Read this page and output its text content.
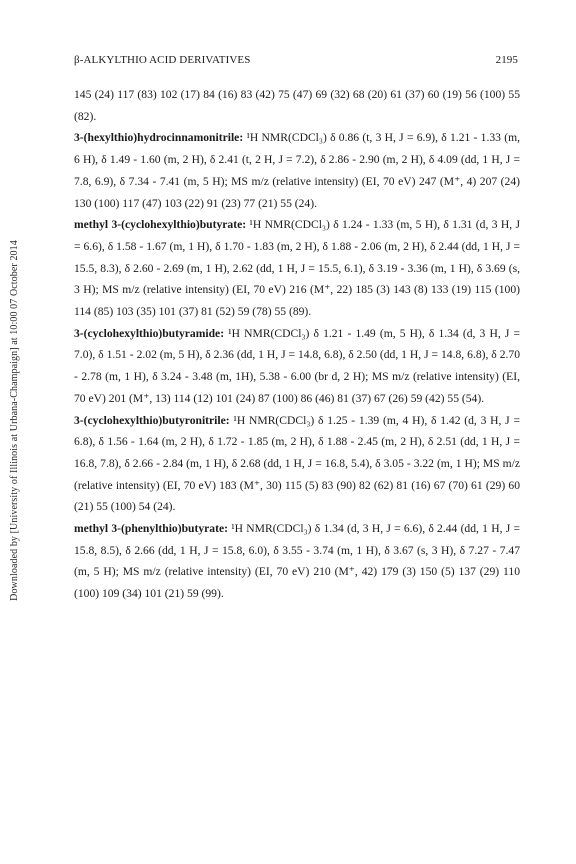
β-ALKYLTHIO ACID DERIVATIVES	2195
Downloaded by [University of Illinois at Urbana-Champaign] at 10:00 07 October 2014

145 (24) 117 (83) 102 (17) 84 (16) 83 (42) 75 (47) 69 (32) 68 (20) 61 (37) 60 (19) 56 (100) 55 (82).

3-(hexylthio)hydrocinnamonitrile: ¹H NMR(CDCl₃) δ 0.86 (t, 3 H, J = 6.9), δ 1.21 - 1.33 (m, 6 H), δ 1.49 - 1.60 (m, 2 H), δ 2.41 (t, 2 H, J = 7.2), δ 2.86 - 2.90 (m, 2 H), δ 4.09 (dd, 1 H, J = 7.8, 6.9), δ 7.34 - 7.41 (m, 5 H); MS m/z (relative intensity) (EI, 70 eV) 247 (M⁺, 4) 207 (24) 130 (100) 117 (47) 103 (22) 91 (23) 77 (21) 55 (24).

methyl 3-(cyclohexylthio)butyrate: ¹H NMR(CDCl₃) δ 1.24 - 1.33 (m, 5 H), δ 1.31 (d, 3 H, J = 6.6), δ 1.58 - 1.67 (m, 1 H), δ 1.70 - 1.83 (m, 2 H), δ 1.88 - 2.06 (m, 2 H), δ 2.44 (dd, 1 H, J = 15.5, 8.3), δ 2.60 - 2.69 (m, 1 H), 2.62 (dd, 1 H, J = 15.5, 6.1), δ 3.19 - 3.36 (m, 1 H), δ 3.69 (s, 3 H); MS m/z (relative intensity) (EI, 70 eV) 216 (M⁺, 22) 185 (3) 143 (8) 133 (19) 115 (100) 114 (85) 103 (35) 101 (37) 81 (52) 59 (78) 55 (89).

3-(cyclohexylthio)butyramide: ¹H NMR(CDCl₃) δ 1.21 - 1.49 (m, 5 H), δ 1.34 (d, 3 H, J = 7.0), δ 1.51 - 2.02 (m, 5 H), δ 2.36 (dd, 1 H, J = 14.8, 6.8), δ 2.50 (dd, 1 H, J = 14.8, 6.8), δ 2.70 - 2.78 (m, 1 H), δ 3.24 - 3.48 (m, 1H), 5.38 - 6.00 (br d, 2 H); MS m/z (relative intensity) (EI, 70 eV) 201 (M⁺, 13) 114 (12) 101 (24) 87 (100) 86 (46) 81 (37) 67 (26) 59 (42) 55 (54).

3-(cyclohexylthio)butyronitrile: ¹H NMR(CDCl₃) δ 1.25 - 1.39 (m, 4 H), δ 1.42 (d, 3 H, J = 6.8), δ 1.56 - 1.64 (m, 2 H), δ 1.72 - 1.85 (m, 2 H), δ 1.88 - 2.45 (m, 2 H), δ 2.51 (dd, 1 H, J = 16.8, 7.8), δ 2.66 - 2.84 (m, 1 H), δ 2.68 (dd, 1 H, J = 16.8, 5.4), δ 3.05 - 3.22 (m, 1 H); MS m/z (relative intensity) (EI, 70 eV) 183 (M⁺, 30) 115 (5) 83 (90) 82 (62) 81 (16) 67 (70) 61 (29) 60 (21) 55 (100) 54 (24).

methyl 3-(phenylthio)butyrate: ¹H NMR(CDCl₃) δ 1.34 (d, 3 H, J = 6.6), δ 2.44 (dd, 1 H, J = 15.8, 8.5), δ 2.66 (dd, 1 H, J = 15.8, 6.0), δ 3.55 - 3.74 (m, 1 H), δ 3.67 (s, 3 H), δ 7.27 - 7.47 (m, 5 H); MS m/z (relative intensity) (EI, 70 eV) 210 (M⁺, 42) 179 (3) 150 (5) 137 (29) 110 (100) 109 (34) 101 (21) 59 (99).
